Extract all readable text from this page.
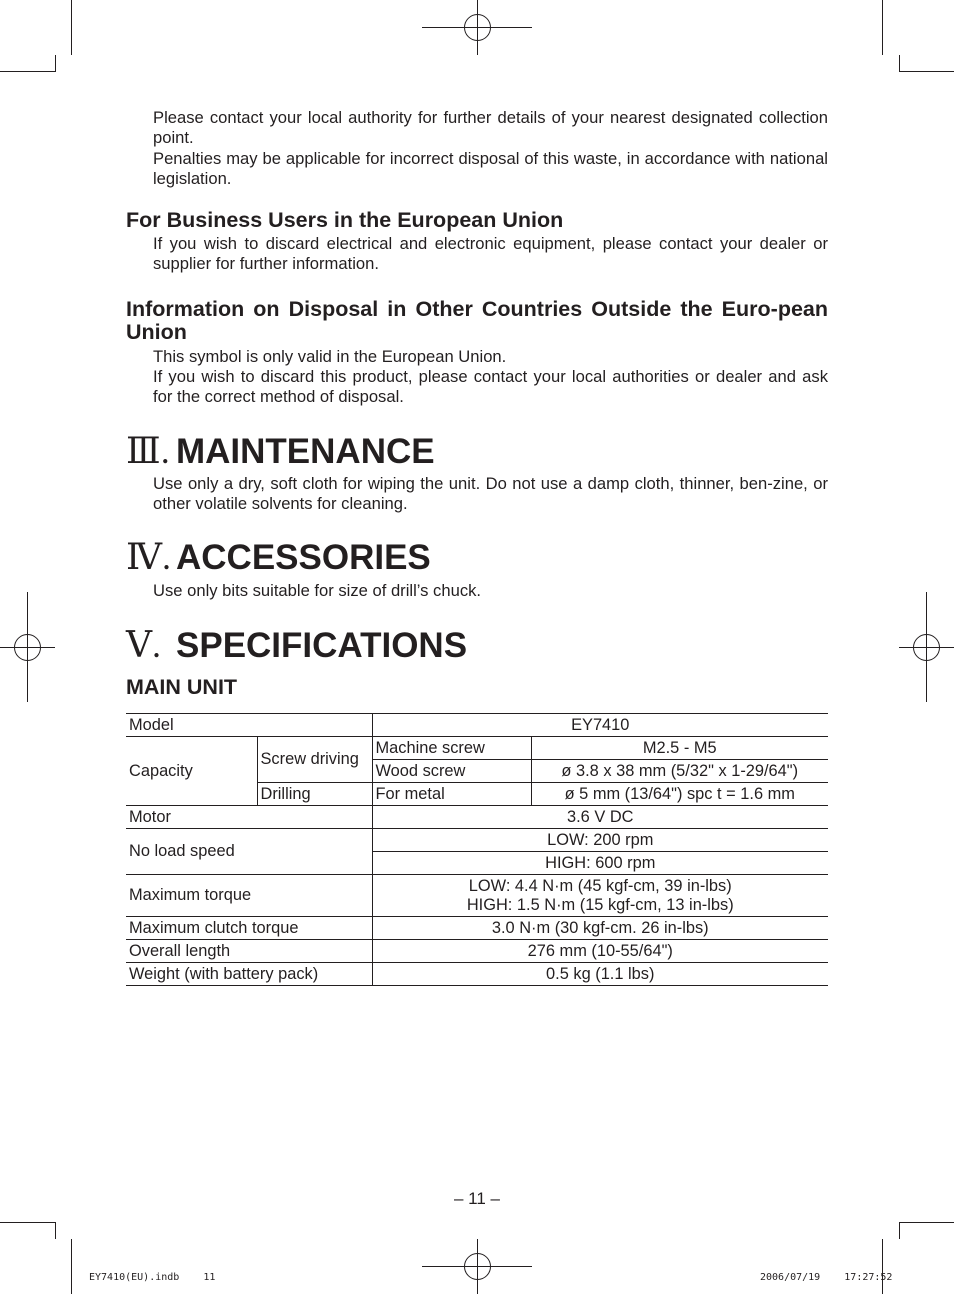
Please contact your local authority for further details of your nearest designated collection point.

Penalties may be applicable for incorrect disposal of this waste, in accordance with national legislation.

For Business Users in the European Union

If you wish to discard electrical and electronic equipment, please contact your dealer or supplier for further information.

Information on Disposal in Other Countries Outside the Euro-pean Union

This symbol is only valid in the European Union.

If you wish to discard this product, please contact your local authorities or dealer and ask for the correct method of disposal.

Ⅲ. MAINTENANCE

Use only a dry, soft cloth for wiping the unit. Do not use a damp cloth, thinner, ben-zine, or other volatile solvents for cleaning.

Ⅳ. ACCESSORIES

Use only bits suitable for size of drill’s chuck.

Ⅴ. SPECIFICATIONS
MAIN UNIT
Model		EY7410	
Capacity	Screw driving	Machine screw	M2.5 - M5
		Wood screw	ø 3.8 x 38 mm (5/32" x 1-29/64")
	Drilling	For metal	ø 5 mm (13/64") spc t = 1.6 mm
Motor		3.6 V DC	
No load speed		LOW: 200 rpm	
		HIGH: 600 rpm	
Maximum torque		LOW: 4.4 N·m (45 kgf-cm, 39 in-lbs)
HIGH: 1.5 N·m (15 kgf-cm, 13 in-lbs)	

Maximum clutch torque		3.0 N·m (30 kgf-cm. 26 in-lbs)	
Overall length		276 mm (10-55/64")	
Weight (with battery pack)		0.5 kg (1.1 lbs)	
– 11 –
EY7410(EU).indb    11	2006/07/19    17:27:52
